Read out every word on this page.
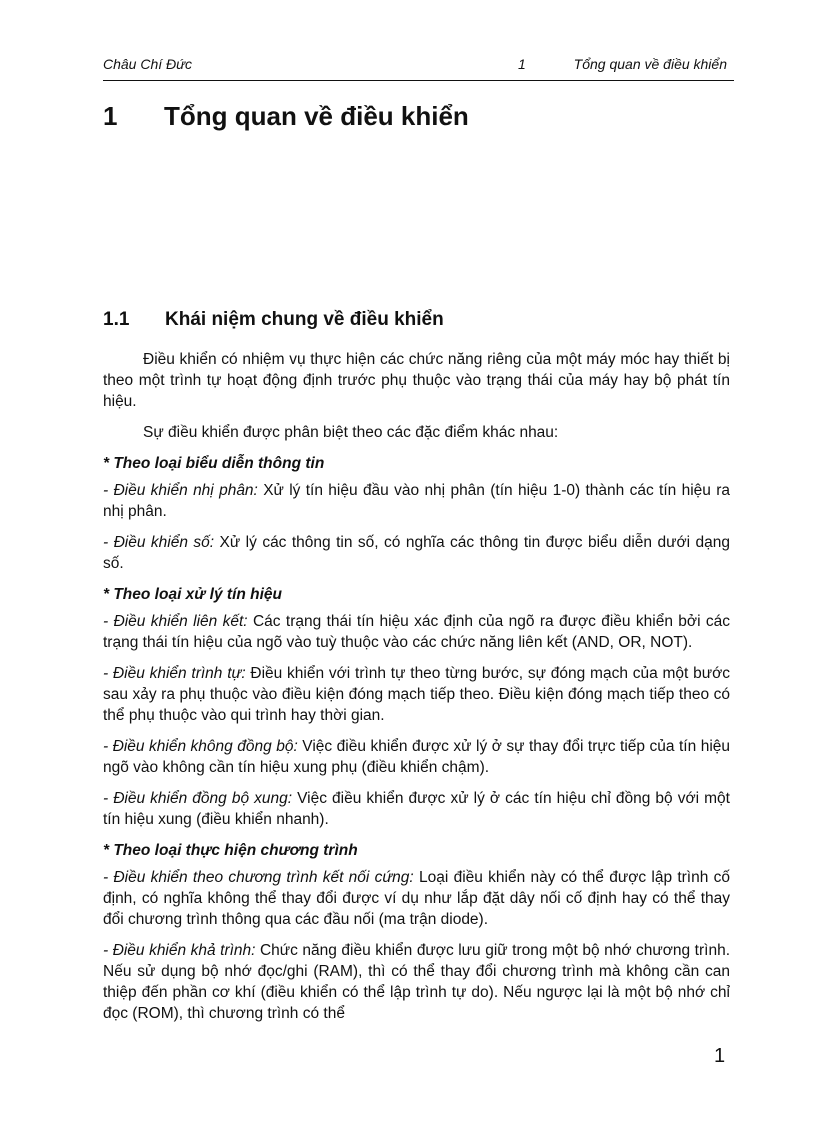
Châu Chí Đức	1	Tổng quan về điều khiển
1 Tổng quan về điều khiển
1.1 Khái niệm chung về điều khiển

Điều khiển có nhiệm vụ thực hiện các chức năng riêng của một máy móc hay thiết bị theo một trình tự hoạt động định trước phụ thuộc vào trạng thái của máy hay bộ phát tín hiệu.

Sự điều khiển được phân biệt theo các đặc điểm khác nhau:

* Theo loại biểu diễn thông tin

- Điều khiển nhị phân: Xử lý tín hiệu đầu vào nhị phân (tín hiệu 1-0) thành các tín hiệu ra nhị phân.

- Điều khiển số: Xử lý các thông tin số, có nghĩa các thông tin được biểu diễn dưới dạng số.

* Theo loại xử lý tín hiệu

- Điều khiển liên kết: Các trạng thái tín hiệu xác định của ngõ ra được điều khiển bởi các trạng thái tín hiệu của ngõ vào tuỳ thuộc vào các chức năng liên kết (AND, OR, NOT).

- Điều khiển trình tự: Điều khiển với trình tự theo từng bước, sự đóng mạch của một bước sau xảy ra phụ thuộc vào điều kiện đóng mạch tiếp theo. Điều kiện đóng mạch tiếp theo có thể phụ thuộc vào qui trình hay thời gian.

- Điều khiển không đồng bộ: Việc điều khiển được xử lý ở sự thay đổi trực tiếp của tín hiệu ngõ vào không cần tín hiệu xung phụ (điều khiển chậm).

- Điều khiển đồng bộ xung: Việc điều khiển được xử lý ở các tín hiệu chỉ đồng bộ với một tín hiệu xung (điều khiển nhanh).

* Theo loại thực hiện chương trình

- Điều khiển theo chương trình kết nối cứng: Loại điều khiển này có thể được lập trình cố định, có nghĩa không thể thay đổi được ví dụ như lắp đặt dây nối cố định hay có thể thay đổi chương trình thông qua các đầu nối (ma trận diode).

- Điều khiển khả trình: Chức năng điều khiển được lưu giữ trong một bộ nhớ chương trình. Nếu sử dụng bộ nhớ đọc/ghi (RAM), thì có thể thay đổi chương trình mà không cần can thiệp đến phần cơ khí (điều khiển có thể lập trình tự do). Nếu ngược lại là một bộ nhớ chỉ đọc (ROM), thì chương trình có thể

1
